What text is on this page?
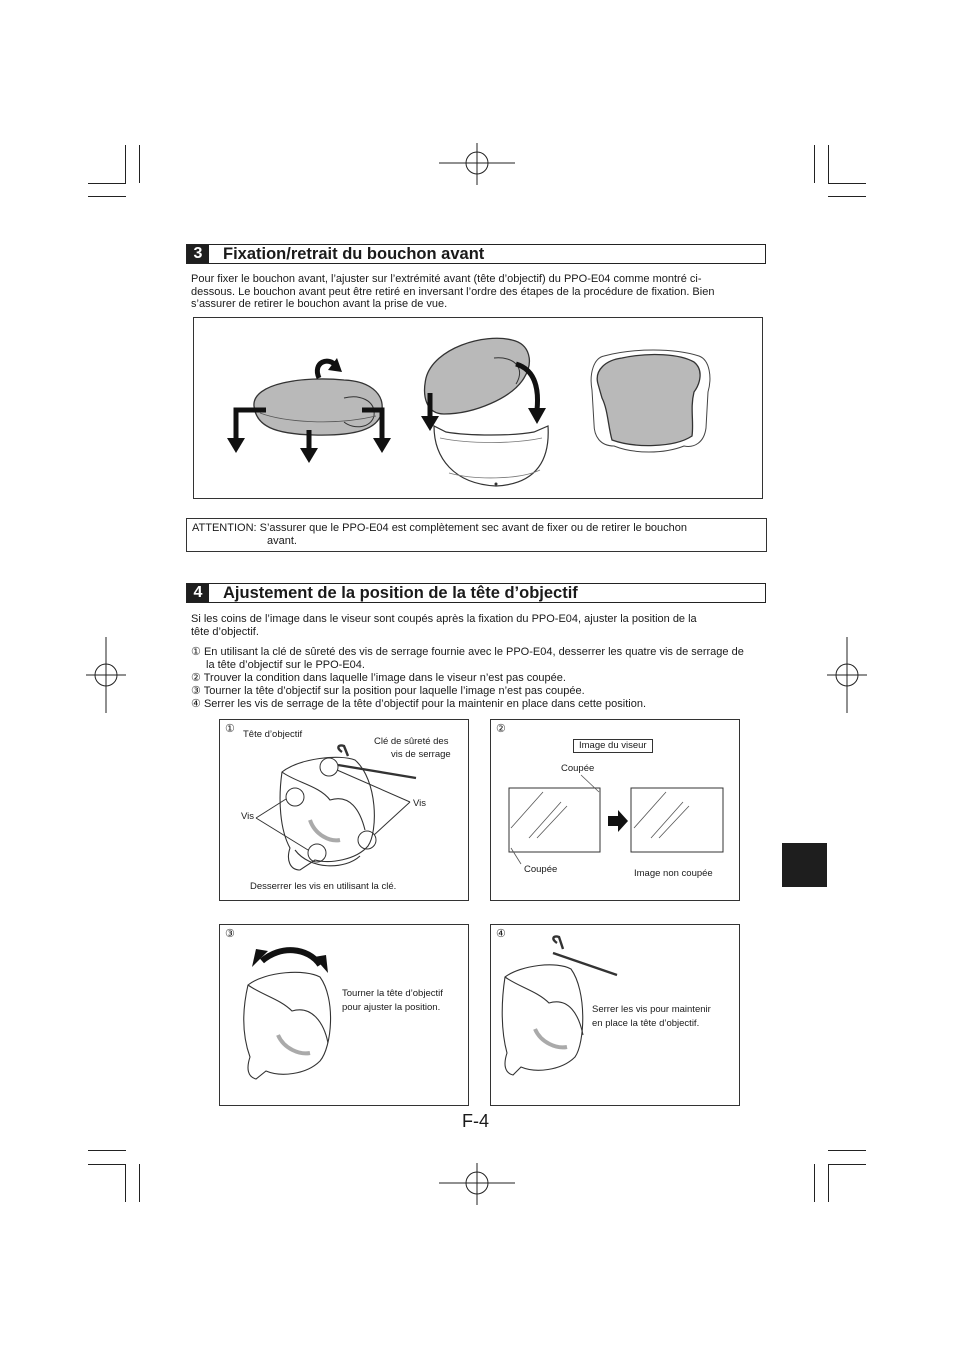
3	Fixation/retrait du bouchon avant
Pour fixer le bouchon avant, l’ajuster sur l’extrémité avant (tête d’objectif) du PPO-E04 comme montré ci-
dessous. Le bouchon avant peut être retiré en inversant l’ordre des étapes de la procédure de fixation. Bien
s’assurer de retirer le bouchon avant la prise de vue.
ATTENTION: S’assurer que le PPO-E04 est complètement sec avant de fixer ou de retirer le bouchon
avant.
4	Ajustement de la position de la tête d’objectif
Si les coins de l’image dans le viseur sont coupés après la fixation du PPO-E04, ajuster la position de la
tête d’objectif.
① En utilisant la clé de sûreté des vis de serrage fournie avec le PPO-E04, desserrer les quatre vis de serrage de
la tête d’objectif sur le PPO-E04.
② Trouver la condition dans laquelle l’image dans le viseur n’est pas coupée.
③ Tourner la tête d’objectif sur la position pour laquelle l’image n’est pas coupée.
④ Serrer les vis de serrage de la tête d’objectif pour la maintenir en place dans cette position.
① Tête d’objectif
Clé de sûreté des
vis de serrage
Vis
Vis
Desserrer les vis en utilisant la clé.
②
Image du viseur
Coupée
Coupée	Image non coupée
③
Tourner la tête d’objectif
pour ajuster la position.
④
Serrer les vis pour maintenir
en place la tête d’objectif.
F-4
